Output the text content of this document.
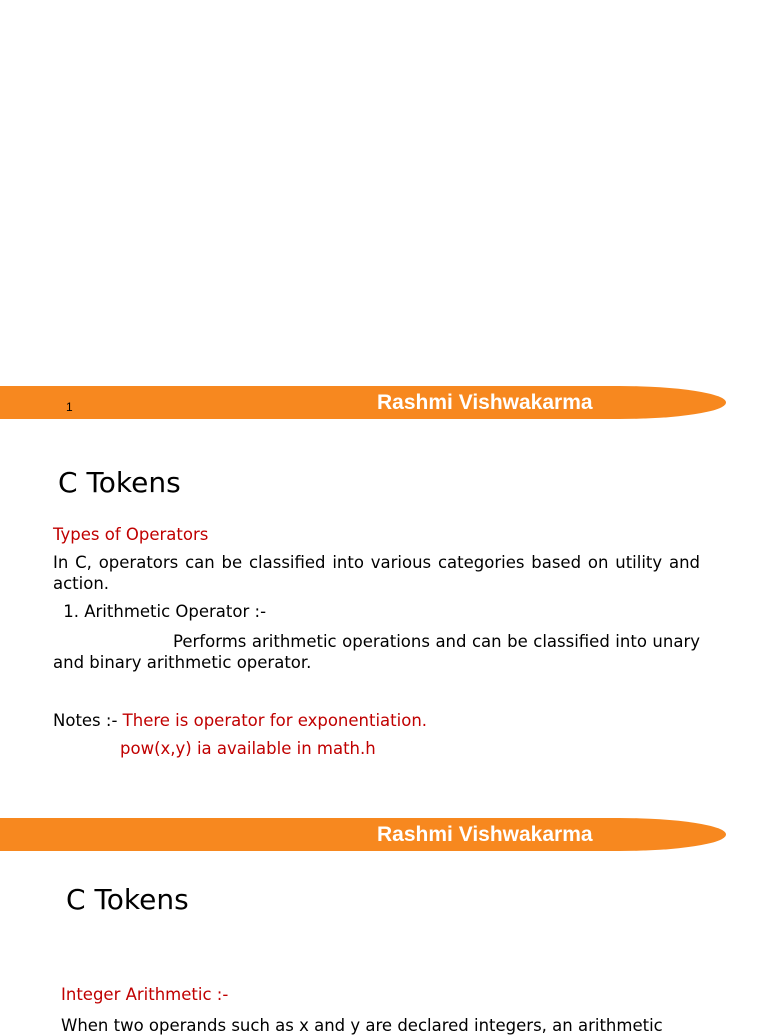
Rashmi Vishwakarma
1
C Tokens
Types of Operators
In C, operators can be classified into various categories based on utility and action.
1. Arithmetic Operator :-
Performs arithmetic operations and can be classified into unary and binary arithmetic operator.
Notes :- There is operator for exponentiation.
pow(x,y) ia available in math.h
Rashmi Vishwakarma
C Tokens
Integer Arithmetic :-
When two operands such as x and y are declared integers, an arithmetic
